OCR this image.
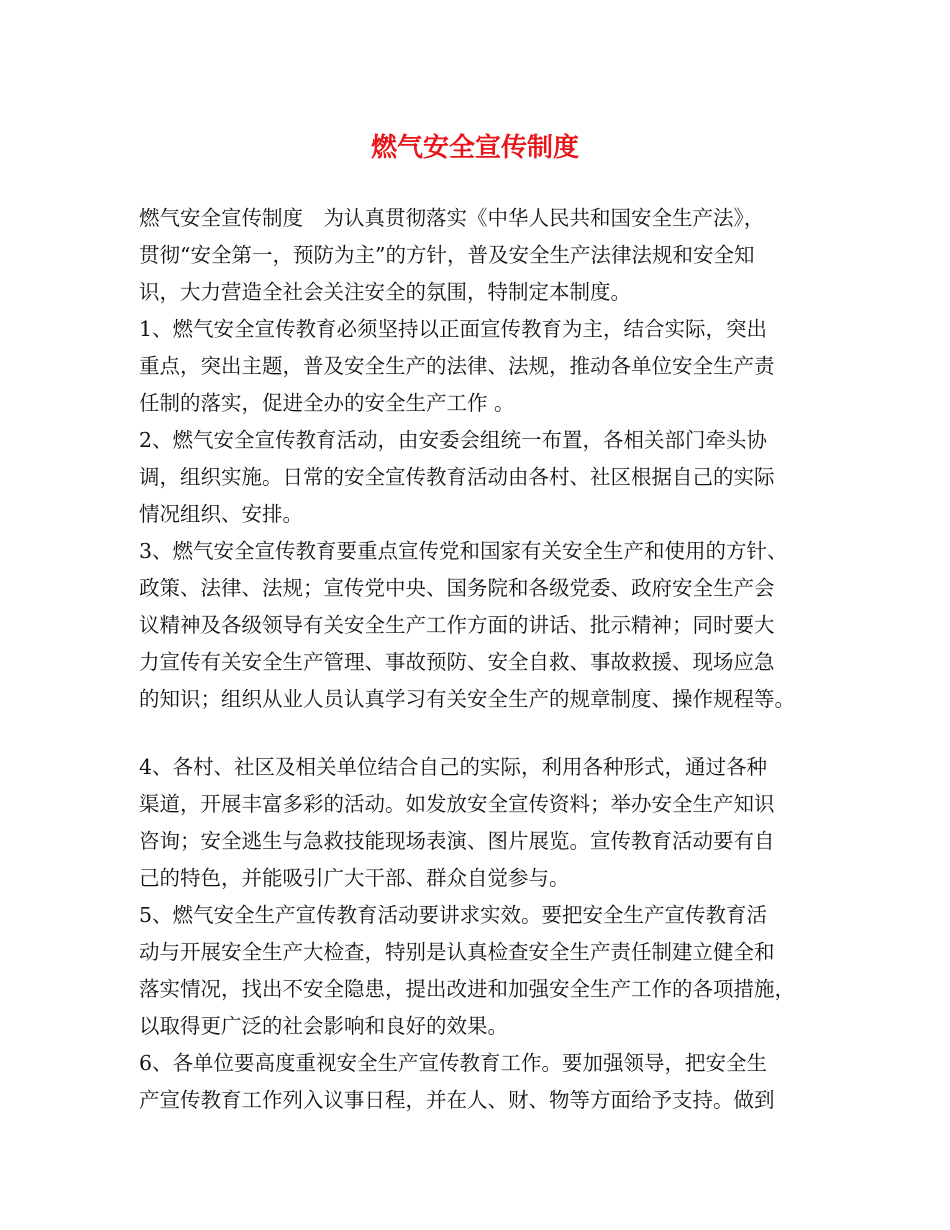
燃气安全宣传制度
燃气安全宣传制度　为认真贯彻落实《中华人民共和国安全生产法》，
贯彻“安全第一，预防为主”的方针，普及安全生产法律法规和安全知
识，大力营造全社会关注安全的氛围，特制定本制度。
1、燃气安全宣传教育必须坚持以正面宣传教育为主，结合实际，突出
重点，突出主题，普及安全生产的法律、法规，推动各单位安全生产责
任制的落实，促进全办的安全生产工作 。
2、燃气安全宣传教育活动，由安委会组统一布置，各相关部门牵头协
调，组织实施。日常的安全宣传教育活动由各村、社区根据自己的实际
情况组织、安排。
3、燃气安全宣传教育要重点宣传党和国家有关安全生产和使用的方针、
政策、法律、法规；宣传党中央、国务院和各级党委、政府安全生产会
议精神及各级领导有关安全生产工作方面的讲话、批示精神；同时要大
力宣传有关安全生产管理、事故预防、安全自救、事故救援、现场应急
的知识；组织从业人员认真学习有关安全生产的规章制度、操作规程等。
4、各村、社区及相关单位结合自己的实际，利用各种形式，通过各种
渠道，开展丰富多彩的活动。如发放安全宣传资料；举办安全生产知识
咨询；安全逃生与急救技能现场表演、图片展览。宣传教育活动要有自
己的特色，并能吸引广大干部、群众自觉参与。
5、燃气安全生产宣传教育活动要讲求实效。要把安全生产宣传教育活
动与开展安全生产大检查，特别是认真检查安全生产责任制建立健全和
落实情况，找出不安全隐患，提出改进和加强安全生产工作的各项措施，
以取得更广泛的社会影响和良好的效果。
6、各单位要高度重视安全生产宣传教育工作。要加强领导，把安全生
产宣传教育工作列入议事日程，并在人、财、物等方面给予支持。做到
